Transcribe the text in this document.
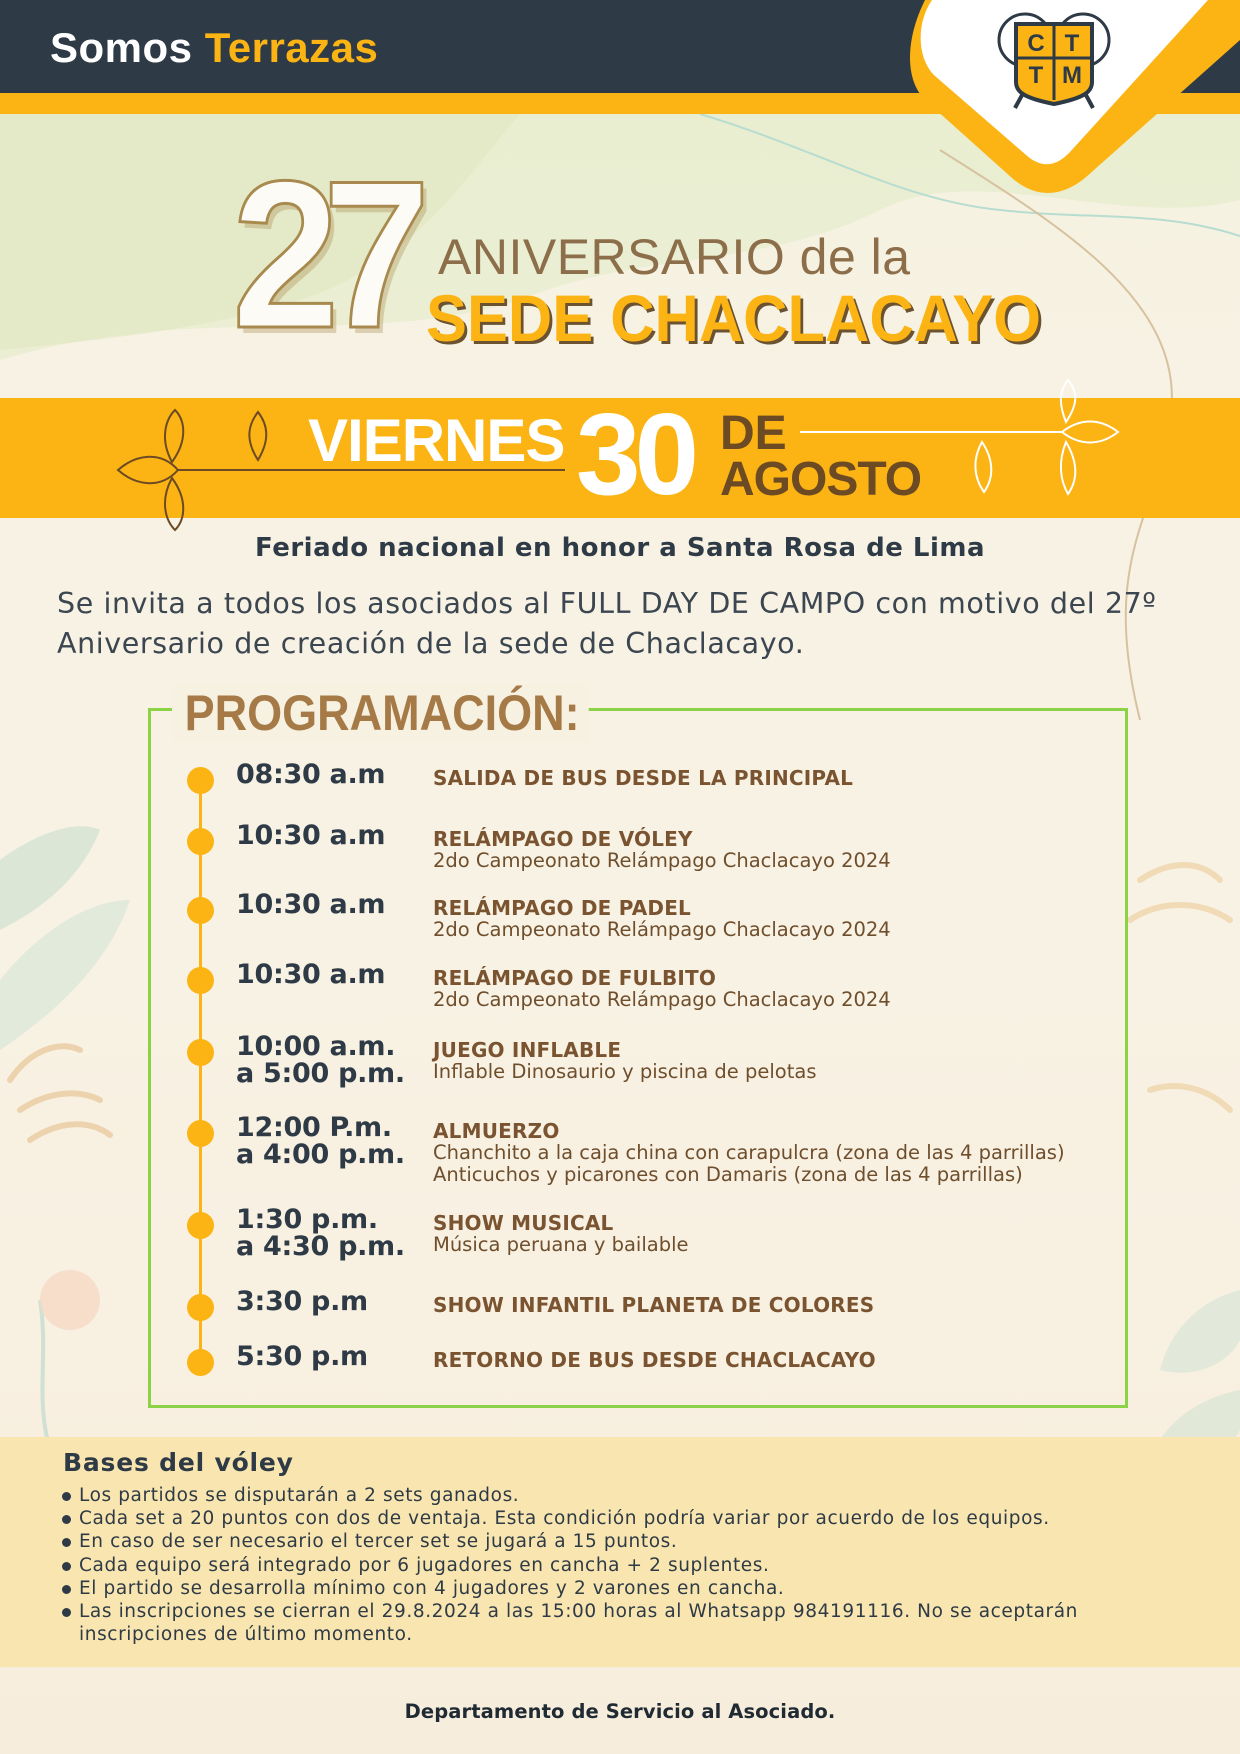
Somos Terrazas	C T
T M
27 ANIVERSARIO de la
SEDE CHACLACAYO
VIERNES 30 DE
AGOSTO
Feriado nacional en honor a Santa Rosa de Lima
Se invita a todos los asociados al FULL DAY DE CAMPO con motivo del 27º Aniversario de creación de la sede de Chaclacayo.
PROGRAMACIÓN:
08:30 a.m SALIDA DE BUS DESDE LA PRINCIPAL
10:30 a.m RELÁMPAGO DE VÓLEY
2do Campeonato Relámpago Chaclacayo 2024
10:30 a.m RELÁMPAGO DE PADEL
2do Campeonato Relámpago Chaclacayo 2024
10:30 a.m RELÁMPAGO DE FULBITO
2do Campeonato Relámpago Chaclacayo 2024
10:00 a.m.
a 5:00 p.m.
JUEGO INFLABLE
Inflable Dinosaurio y piscina de pelotas
12:00 P.m.
a 4:00 p.m.
ALMUERZO
Chanchito a la caja china con carapulcra (zona de las 4 parrillas)
Anticuchos y picarones con Damaris (zona de las 4 parrillas)
1:30 p.m.
a 4:30 p.m.
SHOW MUSICAL
Música peruana y bailable
3:30 p.m	SHOW INFANTIL PLANETA DE COLORES
5:30 p.m	RETORNO DE BUS DESDE CHACLACAYO
Bases del vóley
Los partidos se disputarán a 2 sets ganados.
Cada set a 20 puntos con dos de ventaja. Esta condición podría variar por acuerdo de los equipos.
En caso de ser necesario el tercer set se jugará a 15 puntos.
Cada equipo será integrado por 6 jugadores en cancha + 2 suplentes.
El partido se desarrolla mínimo con 4 jugadores y 2 varones en cancha.
Las inscripciones se cierran el 29.8.2024 a las 15:00 horas al Whatsapp 984191116. No se aceptarán inscripciones de último momento.
Departamento de Servicio al Asociado.
